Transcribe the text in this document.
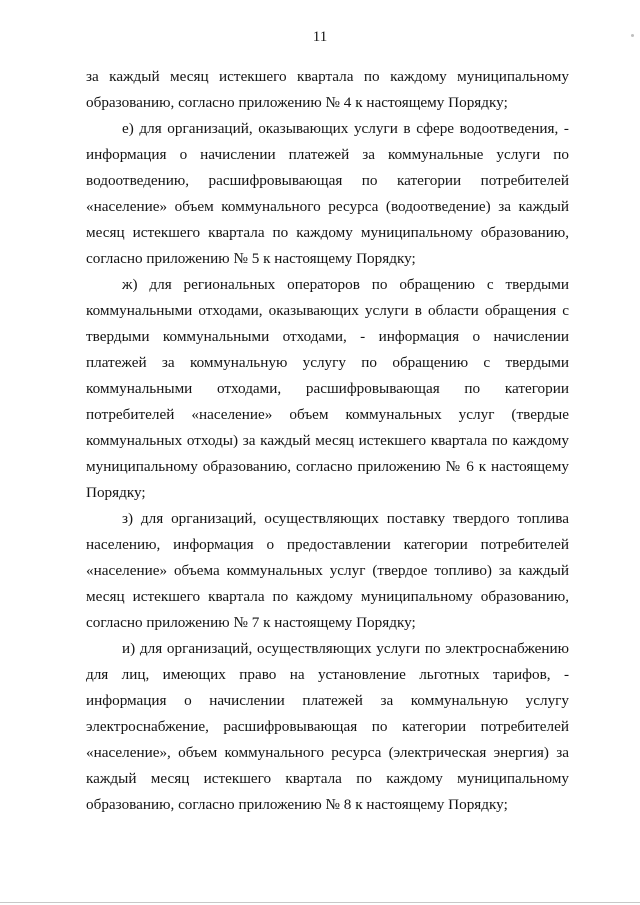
11

за каждый месяц истекшего квартала по каждому муниципальному образованию, согласно приложению № 4 к настоящему Порядку;

е) для организаций, оказывающих услуги в сфере водоотведения, - информация о начислении платежей за коммунальные услуги по водоотведению, расшифровывающая по категории потребителей «население» объем коммунального ресурса (водоотведение) за каждый месяц истекшего квартала по каждому муниципальному образованию, согласно приложению № 5 к настоящему Порядку;

ж) для региональных операторов по обращению с твердыми коммунальными отходами, оказывающих услуги в области обращения с твердыми коммунальными отходами, - информация о начислении платежей за коммунальную услугу по обращению с твердыми коммунальными отходами, расшифровывающая по категории потребителей «население» объем коммунальных услуг (твердые коммунальных отходы) за каждый месяц истекшего квартала по каждому муниципальному образованию, согласно приложению № 6 к настоящему Порядку;

з) для организаций, осуществляющих поставку твердого топлива населению, информация о предоставлении категории потребителей «население» объема коммунальных услуг (твердое топливо) за каждый месяц истекшего квартала по каждому муниципальному образованию, согласно приложению № 7 к настоящему Порядку;

и) для организаций, осуществляющих услуги по электроснабжению для лиц, имеющих право на установление льготных тарифов, - информация о начислении платежей за коммунальную услугу электроснабжение, расшифровывающая по категории потребителей «население», объем коммунального ресурса (электрическая энергия) за каждый месяц истекшего квартала по каждому муниципальному образованию, согласно приложению № 8 к настоящему Порядку;
